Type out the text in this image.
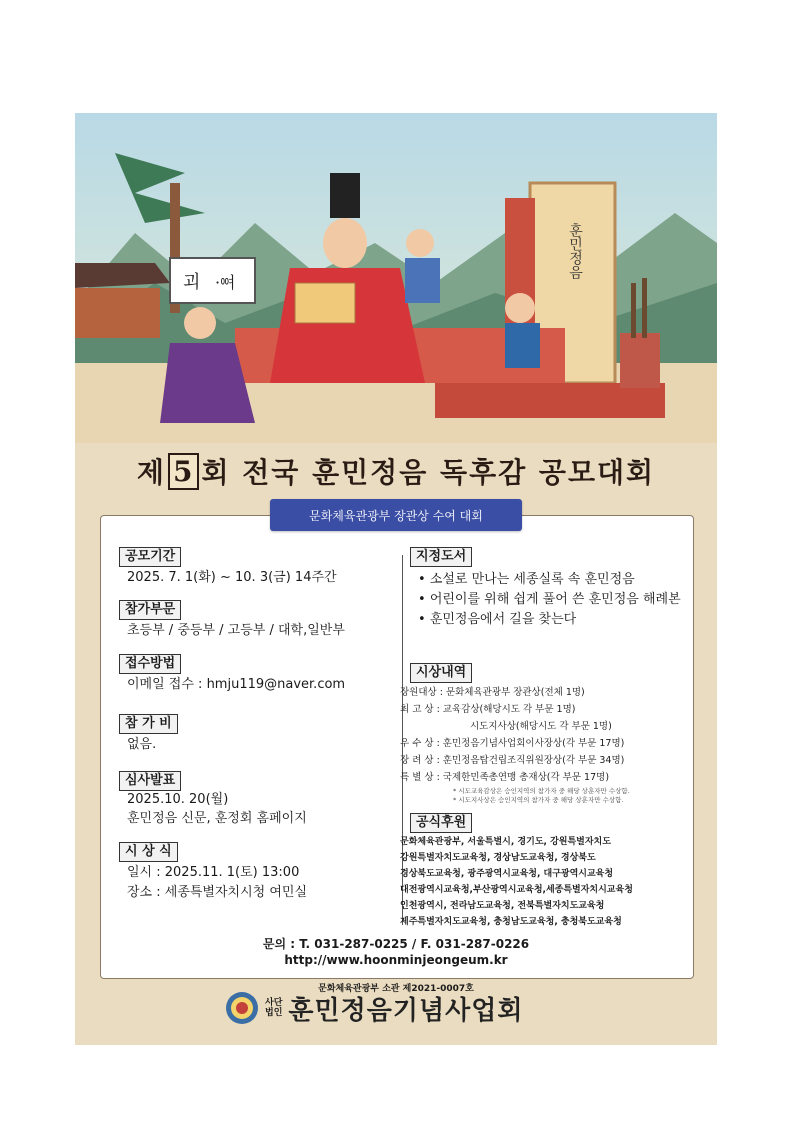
훈민정음
괴 ·ᅇᅧ
제 5 회 전국 훈민정음 독후감 공모대회
문화체육관광부 장관상 수여 대회
공모기간
2025. 7. 1(화) ~ 10. 3(금) 14주간
참가부문
초등부 / 중등부 / 고등부 / 대학,일반부
접수방법
이메일 접수 : hmju119@naver.com
참 가 비
없음.
심사발표
2025.10. 20(월)
훈민정음 신문, 훈정회 홈페이지
시 상 식
일시 : 2025.11. 1(토) 13:00
장소 : 세종특별자치시청 여민실
지정도서
• 소설로 만나는 세종실록 속 훈민정음
• 어린이를 위해 쉽게 풀어 쓴 훈민정음 해례본
• 훈민정음에서 길을 찾는다
시상내역
장원대상 : 문화체육관광부 장관상(전체 1명)
최 고 상 : 교육감상(해당시도 각 부문 1명)
시도지사상(해당시도 각 부문 1명)
우 수 상 : 훈민정음기념사업회이사장상(각 부문 17명)
장 려 상 : 훈민정음탑건립조직위원장상(각 부문 34명)
특 별 상 : 국제한민족총연맹 총재상(각 부문 17명)
* 시도교육감상은 승인지역의 참가자 중 해당 상훈자만 수상함.
* 시도지사상은 승인지역의 참가자 중 해당 상훈자만 수상함.
공식후원
문화체육관광부, 서울특별시, 경기도, 강원특별자치도
강원특별자치도교육청, 경상남도교육청, 경상북도
경상북도교육청, 광주광역시교육청, 대구광역시교육청
대전광역시교육청,부산광역시교육청,세종특별자치시교육청
인천광역시, 전라남도교육청, 전북특별자치도교육청
제주특별자치도교육청, 충청남도교육청, 충청북도교육청
문의 : T. 031-287-0225 / F. 031-287-0226
http://www.hoonminjeongeum.kr
문화체육관광부 소관 제2021-0007호
사단
법인 훈민정음기념사업회
